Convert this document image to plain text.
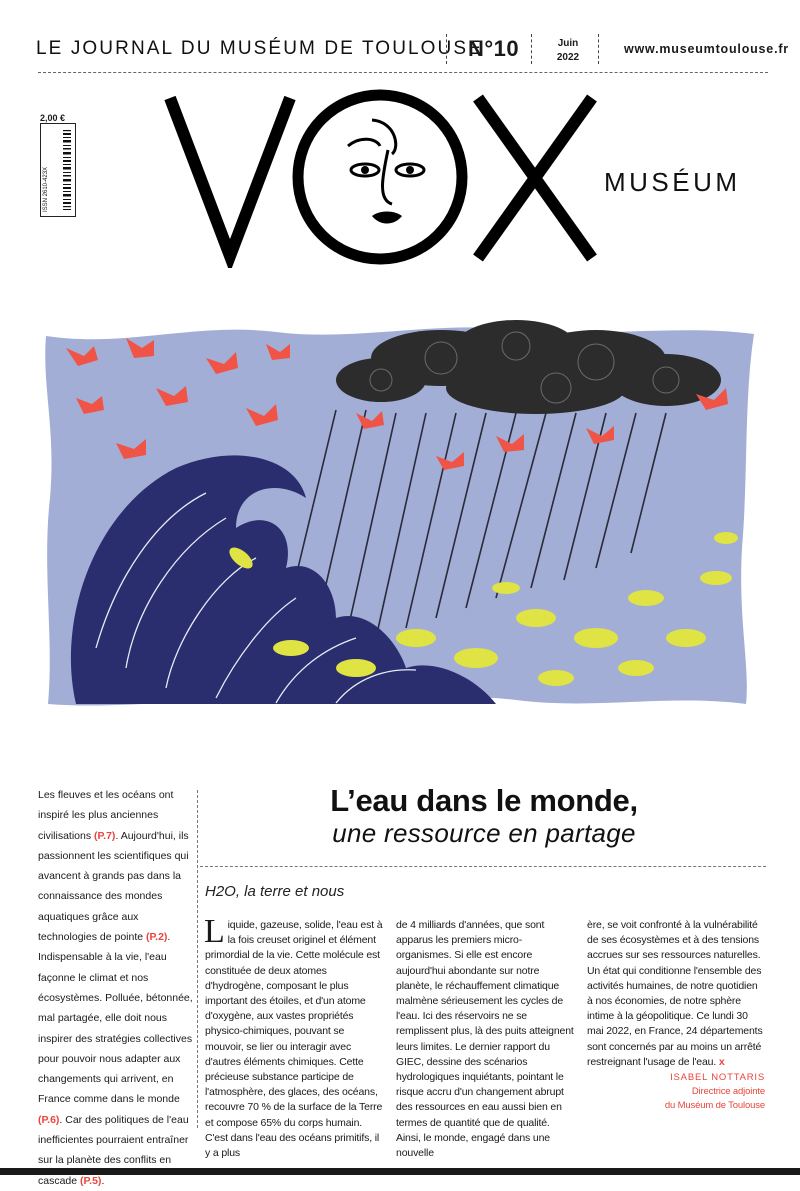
LE JOURNAL DU MUSÉUM DE TOULOUSE
N°10	Juin
2022
www.museumtoulouse.fr
2,00 €
ISSN 2610-423X	MUSÉUM
Les fleuves et les océans ont inspiré les plus anciennes civilisations (P.7). Aujourd'hui, ils passionnent les scientifiques qui avancent à grands pas dans la connaissance des mondes aquatiques grâce aux technologies de pointe (P.2). Indispensable à la vie, l'eau façonne le climat et nos écosystèmes. Polluée, bétonnée, mal partagée, elle doit nous inspirer des stratégies collectives pour pouvoir nous adapter aux changements qui arrivent, en France comme dans le monde (P.6). Car des politiques de l'eau inefficientes pourraient entraîner sur la planète des conflits en cascade (P.5).
L’eau dans le monde,
une ressource en partage
H2O, la terre et nous
Liquide, gazeuse, solide, l'eau est à la fois creuset originel et élément primordial de la vie. Cette molécule est constituée de deux atomes d'hydrogène, composant le plus important des étoiles, et d'un atome d'oxygène, aux vastes propriétés physico-chimiques, pouvant se mouvoir, se lier ou interagir avec d'autres éléments chimiques. Cette précieuse substance participe de l'atmosphère, des glaces, des océans, recouvre 70 % de la surface de la Terre et compose 65% du corps humain. C'est dans l'eau des océans primitifs, il y a plus
de 4 milliards d'années, que sont apparus les premiers micro-organismes. Si elle est encore aujourd'hui abondante sur notre planète, le réchauffement climatique malmène sérieusement les cycles de l'eau. Ici des réservoirs ne se remplissent plus, là des puits atteignent leurs limites. Le dernier rapport du GIEC, dessine des scénarios hydrologiques inquiétants, pointant le risque accru d'un changement abrupt des ressources en eau aussi bien en termes de quantité que de qualité. Ainsi, le monde, engagé dans une nouvelle
ère, se voit confronté à la vulnérabilité de ses écosystèmes et à des tensions accrues sur ses ressources naturelles. Un état qui conditionne l'ensemble des activités humaines, de notre quotidien à nos économies, de notre sphère intime à la géopolitique. Ce lundi 30 mai 2022, en France, 24 départements sont concernés par au moins un arrêté restreignant l'usage de l'eau. x
ISABEL NOTTARIS
Directrice adjointe
du Muséum de Toulouse
